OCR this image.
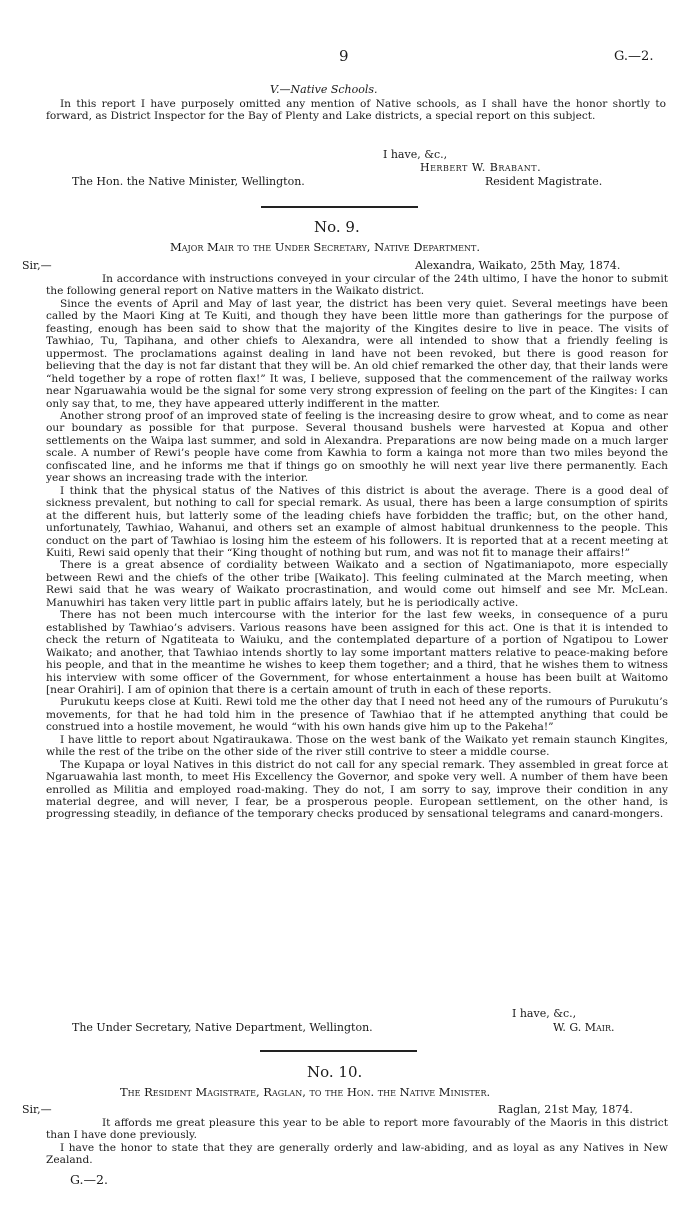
9	G.—2.
V.—Native Schools.

In this report I have purposely omitted any mention of Native schools, as I shall have the honor shortly to forward, as District Inspector for the Bay of Plenty and Lake districts, a special report on this subject.

I have, &c.,
Herbert W. Brabant.
The Hon. the Native Minister, Wellington.	Resident Magistrate.
No. 9.
Major Mair to the Under Secretary, Native Department.
Sir,—	Alexandra, Waikato, 25th May, 1874.

In accordance with instructions conveyed in your circular of the 24th ultimo, I have the honor to submit the following general report on Native matters in the Waikato district.

Since the events of April and May of last year, the district has been very quiet. Several meetings have been called by the Maori King at Te Kuiti, and though they have been little more than gatherings for the purpose of feasting, enough has been said to show that the majority of the Kingites desire to live in peace. The visits of Tawhiao, Tu, Tapihana, and other chiefs to Alexandra, were all intended to show that a friendly feeling is uppermost. The proclamations against dealing in land have not been revoked, but there is good reason for believing that the day is not far distant that they will be. An old chief remarked the other day, that their lands were “held together by a rope of rotten flax!” It was, I believe, supposed that the commencement of the railway works near Ngaruawahia would be the signal for some very strong expression of feeling on the part of the Kingites: I can only say that, to me, they have appeared utterly indifferent in the matter.

Another strong proof of an improved state of feeling is the increasing desire to grow wheat, and to come as near our boundary as possible for that purpose. Several thousand bushels were harvested at Kopua and other settlements on the Waipa last summer, and sold in Alexandra. Preparations are now being made on a much larger scale. A number of Rewi’s people have come from Kawhia to form a kainga not more than two miles beyond the confiscated line, and he informs me that if things go on smoothly he will next year live there permanently. Each year shows an increasing trade with the interior.

I think that the physical status of the Natives of this district is about the average. There is a good deal of sickness prevalent, but nothing to call for special remark. As usual, there has been a large consumption of spirits at the different huis, but latterly some of the leading chiefs have forbidden the traffic; but, on the other hand, unfortunately, Tawhiao, Wahanui, and others set an example of almost habitual drunkenness to the people. This conduct on the part of Tawhiao is losing him the esteem of his followers. It is reported that at a recent meeting at Kuiti, Rewi said openly that their “King thought of nothing but rum, and was not fit to manage their affairs!”

There is a great absence of cordiality between Waikato and a section of Ngatimaniapoto, more especially between Rewi and the chiefs of the other tribe [Waikato]. This feeling culminated at the March meeting, when Rewi said that he was weary of Waikato procrastination, and would come out himself and see Mr. McLean. Manuwhiri has taken very little part in public affairs lately, but he is periodically active.

There has not been much intercourse with the interior for the last few weeks, in consequence of a puru established by Tawhiao’s advisers. Various reasons have been assigned for this act. One is that it is intended to check the return of Ngatiteata to Waiuku, and the contemplated departure of a portion of Ngatipou to Lower Waikato; and another, that Tawhiao intends shortly to lay some important matters relative to peace-making before his people, and that in the meantime he wishes to keep them together; and a third, that he wishes them to witness his interview with some officer of the Government, for whose entertainment a house has been built at Waitomo [near Orahiri]. I am of opinion that there is a certain amount of truth in each of these reports.

Purukutu keeps close at Kuiti. Rewi told me the other day that I need not heed any of the rumours of Purukutu’s movements, for that he had told him in the presence of Tawhiao that if he attempted anything that could be construed into a hostile movement, he would “with his own hands give him up to the Pakeha!”

I have little to report about Ngatiraukawa. Those on the west bank of the Waikato yet remain staunch Kingites, while the rest of the tribe on the other side of the river still contrive to steer a middle course.

The Kupapa or loyal Natives in this district do not call for any special remark. They assembled in great force at Ngaruawahia last month, to meet His Excellency the Governor, and spoke very well. A number of them have been enrolled as Militia and employed road-making. They do not, I am sorry to say, improve their condition in any material degree, and will never, I fear, be a prosperous people. European settlement, on the other hand, is progressing steadily, in defiance of the temporary checks produced by sensational telegrams and canard-mongers.

I have, &c.,
The Under Secretary, Native Department, Wellington.	W. G. Mair.
No. 10.
The Resident Magistrate, Raglan, to the Hon. the Native Minister.
Sir,—	Raglan, 21st May, 1874.

It affords me great pleasure this year to be able to report more favourably of the Maoris in this district than I have done previously.

I have the honor to state that they are generally orderly and law-abiding, and as loyal as any Natives in New Zealand.

G.—2.
